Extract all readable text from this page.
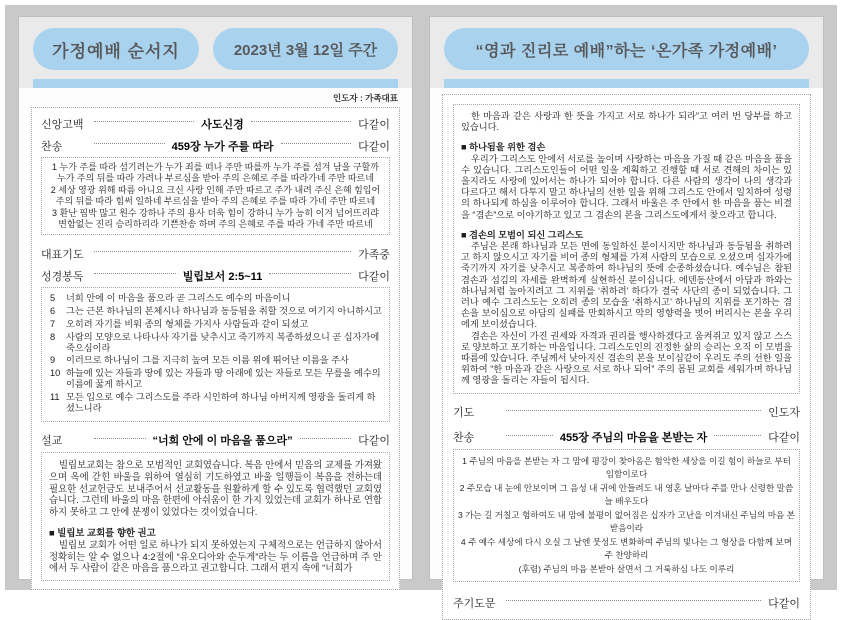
가정예배 순서지	2023년 3월 12일 주간
인도자 : 가족대표
신앙고백	사도신경	다같이
찬송	459장 누가 주를 따라	다같이
1 누가 주를 따라 섬기려는가 누가 죄를 떠나 주만 따를까 누가 주를 섬겨 남을 구할까
누가 주의 뒤를 따라 가려나 부르심을 받아 주의 은혜로 주를 따라가네 주만 따르네
2 세상 영광 위해 따름 아니요 크신 사랑 인해 주만 따르고 주가 내려 주신 은혜 힘입어
주의 뒤를 따라 힘써 일하네 부르심을 받아 주의 은혜로 주를 따라 가네 주만 따르네
3 환난 핍박 많고 원수 강하나 주의 용사 더욱 힘이 강하니 누가 능히 이겨 넘어뜨리랴
변함없는 진리 승리하리라 기쁜찬송 하며 주의 은혜로 주를 따라 가네 주만 따르네
대표기도	가족중
성경봉독	빌립보서 2:5~11	다같이
5	너희 안에 이 마음을 품으라 곧 그리스도 예수의 마음이니
6	그는 근본 하나님의 본체시나 하나님과 동등됨을 취할 것으로 여기지 아니하시고
7	오히려 자기를 비워 종의 형체를 가지사 사람들과 같이 되셨고
8	사람의 모양으로 나타나사 자기를 낮추시고 죽기까지 복종하셨으니 곧 십자가에 죽으심이라
9	이러므로 하나님이 그를 지극히 높여 모든 이름 위에 뛰어난 이름을 주사
10 하늘에 있는 자들과 땅에 있는 자들과 땅 아래에 있는 자들로 모든 무릎을 예수의 이름에 꿇게 하시고
11 모든 입으로 예수 그리스도를 주라 시인하여 하나님 아버지께 영광을 돌리게 하셨느니라
설교	“너희 안에 이 마음을 품으라”	다같이
빌립보교회는 참으로 모범적인 교회였습니다. 복음 안에서 믿음의 교제를 가져왔으며 옥에 갇힌 바울을 위하여 열심히 기도하였고 바울 일행들이 복음을 전하는데 필요한 선교헌금도 보내주어서 선교활동을 원활하게 할 수 있도록 협력했던 교회였습니다. 그런데 바울의 마음 한편에 아쉬움이 한 가지 있었는데 교회가 하나로 연합하지 못하고 그 안에 분쟁이 있었다는 것이었습니다.
■ 빌립보 교회를 향한 권고
빌립보 교회가 어떤 일로 하나가 되지 못하였는지 구체적으로는 언급하지 않아서 정확히는 알 수 없으나 4:2절에 “유오디아와 순두게”라는 두 이름을 언급하며 주 안에서 두 사람이 같은 마음을 품으라고 권고합니다. 그래서 편지 속에 “너희가
“영과 진리로 예배”하는 ‘온가족 가정예배’
한 마음과 같은 사랑과 한 뜻을 가지고 서로 하나가 되라”고 여러 번 당부를 하고 있습니다.
■ 하나됨을 위한 겸손
우리가 그리스도 안에서 서로를 높이며 사랑하는 마음을 가질 때 같은 마음을 품을 수 있습니다. 그리스도인들이 어떤 일을 계획하고 진행할 때 서로 견해의 차이는 있을지라도 사랑에 있어서는 하나가 되어야 합니다. 다른 사람의 생각이 나의 생각과 다르다고 해서 다투지 말고 하나님의 선한 일을 위해 그리스도 안에서 일치하여 성령의 하나되게 하심을 이루어야 합니다. 그래서 바울은 주 안에서 한 마음을 품는 비결을 “겸손”으로 이야기하고 있고 그 겸손의 본을 그리스도에게서 찾으라고 합니다.
■ 겸손의 모범이 되신 그리스도
주님은 본래 하나님과 모든 면에 동일하신 분이시지만 하나님과 동등됨을 취하려고 하지 않으시고 자기를 비어 종의 형체를 가져 사람의 모습으로 오셨으며 십자가에 죽기까지 자기를 낮추시고 복종하여 하나님의 뜻에 순종하셨습니다. 예수님은 참된 겸손과 섬김의 자세를 완벽하게 실현하신 분이십니다. 에덴동산에서 아담과 하와는 하나님처럼 높아지려고 그 지위를 ‘취하려’ 하다가 결국 사단의 종이 되었습니다. 그러나 예수 그리스도는 오히려 종의 모습을 ‘취하시고’ 하나님의 지위를 포기하는 겸손을 보이심으로 아담의 실패를 만회하시고 악의 영향력을 벗어 버리시는 본을 우리에게 보이셨습니다.
겸손은 자신이 가진 권세와 자격과 권리를 행사하겠다고 움켜쥐고 있지 않고 스스로 양보하고 포기하는 마음입니다. 그리스도인의 진정한 삶의 승리는 오직 이 모범을 따름에 있습니다. 주님께서 낮아지신 겸손의 본을 보이심같이 우리도 주의 선한 일을 위하여 “한 마음과 같은 사랑으로 서로 하나 되어” 주의 몸된 교회를 세워가며 하나님께 영광을 돌리는 자들이 됩시다.
기도	인도자
찬송	455장 주님의 마음을 본받는 자	다같이
1 주님의 마음을 본받는 자 그 맘에 평강이 찾아옴은 험악한 세상을 이길 힘이 하늘로 부터 임함이로다
2 주모습 내 눈에 안보이며 그 음성 내 귀에 안들려도 내 영혼 날마다 주를 만나 신령한 말씀 늘 배우도다
3 가는 길 거칠고 험하여도 내 맘에 불평이 없어짐은 십자가 고난을 이겨내신 주님의 마음 본받음이라
4 주 예수 세상에 다시 오실 그 날엔 뭇성도 변화하여 주님의 빛나는 그 형상을 다함께 보며 주 찬양하리
(후렴) 주님의 마음 본받아 살면서 그 거룩하심 나도 이루리
주기도문	다같이
